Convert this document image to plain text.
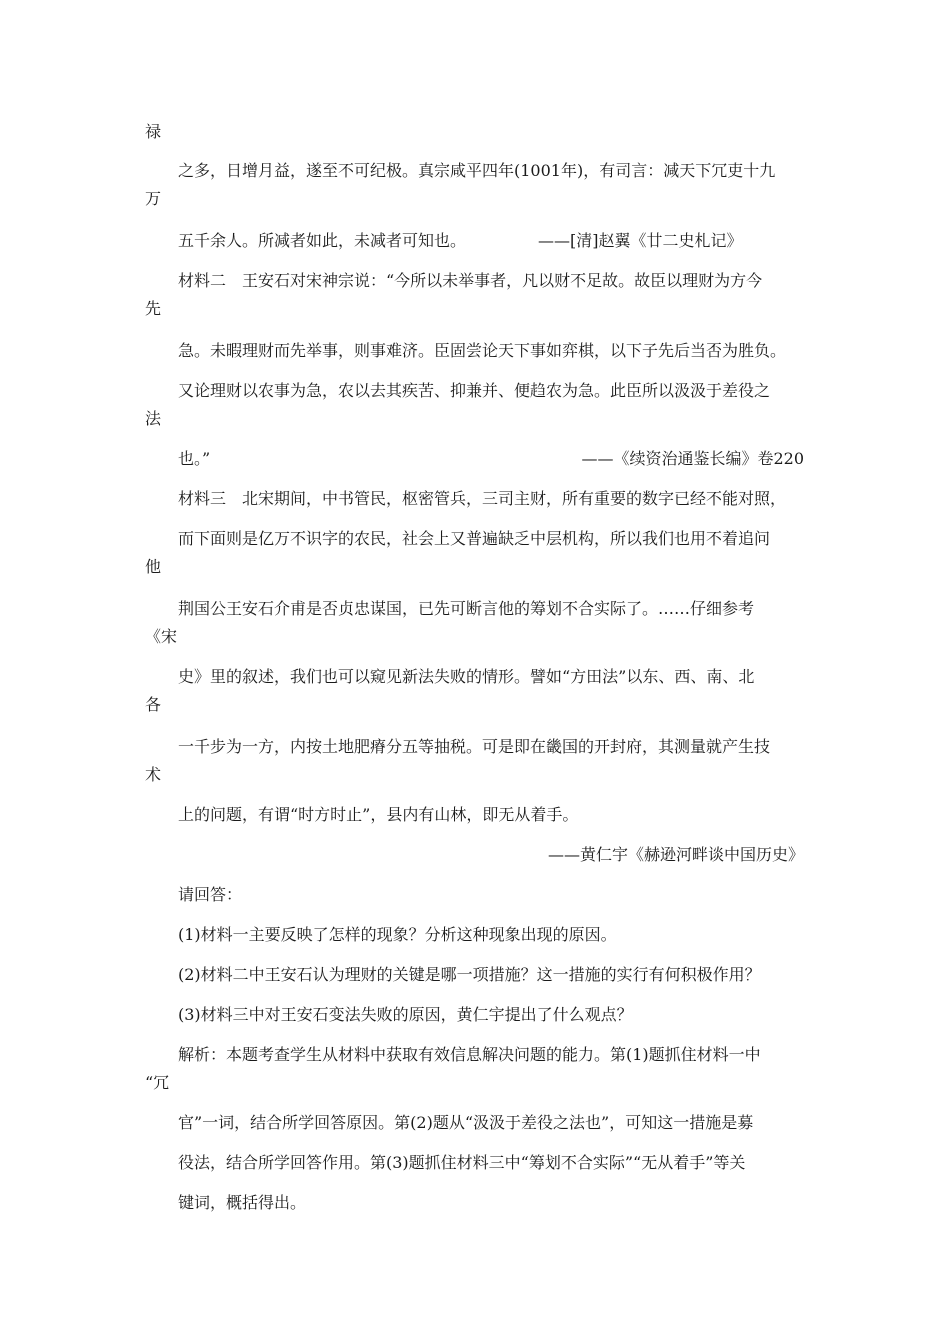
禄
之多，日增月益，遂至不可纪极。真宗咸平四年(1001年)，有司言：减天下冗吏十九
万
五千余人。所减者如此，未减者可知也。　　　　　——[清]赵翼《廿二史札记》
材料二　王安石对宋神宗说：“今所以未举事者，凡以财不足故。故臣以理财为方今
先
急。未暇理财而先举事，则事难济。臣固尝论天下事如弈棋，以下子先后当否为胜负。
又论理财以农事为急，农以去其疾苦、抑兼并、便趋农为急。此臣所以汲汲于差役之
法
也。”	——《续资治通鉴长编》卷220
材料三　北宋期间，中书管民，枢密管兵，三司主财，所有重要的数字已经不能对照，
而下面则是亿万不识字的农民，社会上又普遍缺乏中层机构，所以我们也用不着追问
他
荆国公王安石介甫是否贞忠谋国，已先可断言他的筹划不合实际了。……仔细参考
《宋
史》里的叙述，我们也可以窥见新法失败的情形。譬如“方田法”以东、西、南、北
各
一千步为一方，内按土地肥瘠分五等抽税。可是即在畿国的开封府，其测量就产生技
术
上的问题，有谓“时方时止”，县内有山林，即无从着手。
——黄仁宇《赫逊河畔谈中国历史》
请回答：
(1)材料一主要反映了怎样的现象？分析这种现象出现的原因。
(2)材料二中王安石认为理财的关键是哪一项措施？这一措施的实行有何积极作用？
(3)材料三中对王安石变法失败的原因，黄仁宇提出了什么观点？
解析：本题考查学生从材料中获取有效信息解决问题的能力。第(1)题抓住材料一中
“冗
官”一词，结合所学回答原因。第(2)题从“汲汲于差役之法也”，可知这一措施是募
役法，结合所学回答作用。第(3)题抓住材料三中“筹划不合实际”“无从着手”等关
键词，概括得出。
